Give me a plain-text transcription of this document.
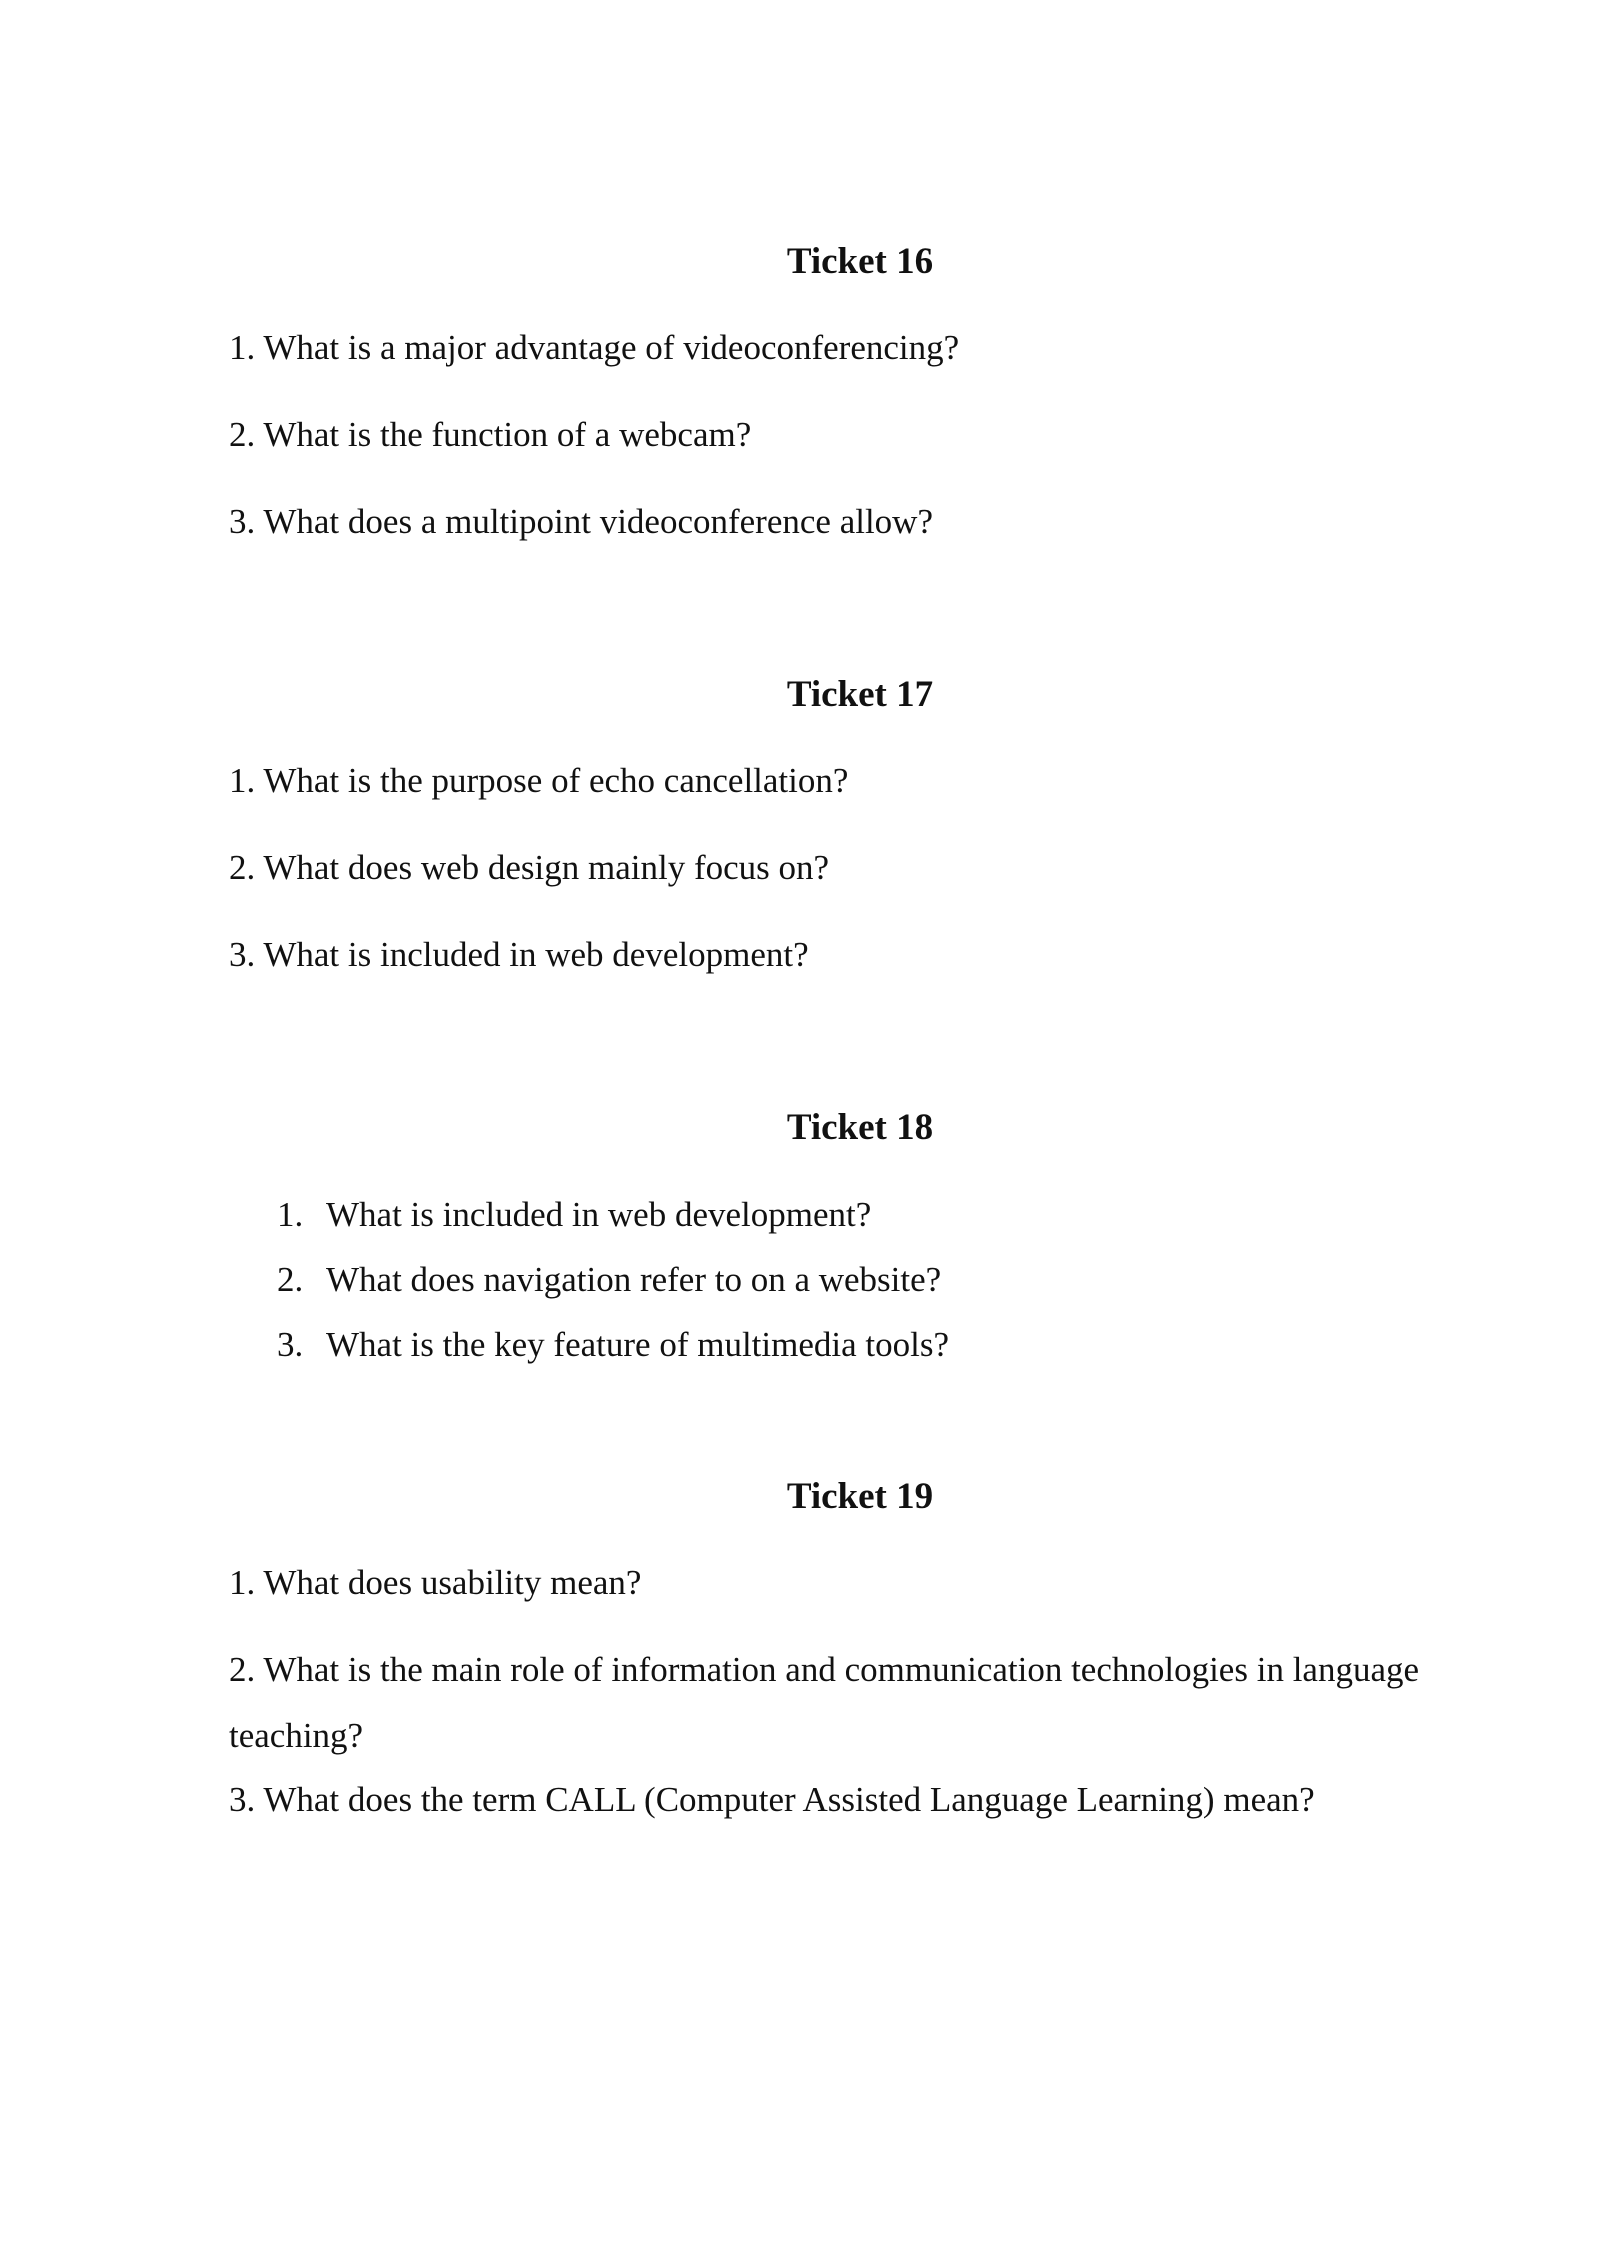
Ticket 16

1. What is a major advantage of videoconferencing?

2. What is the function of a webcam?

3. What does a multipoint videoconference allow?

Ticket 17

1. What is the purpose of echo cancellation?

2. What does web design mainly focus on?

3. What is included in web development?

Ticket 18
1. What is included in web development?
2. What does navigation refer to on a website?
3. What is the key feature of multimedia tools?
Ticket 19

1. What does usability mean?

2. What is the main role of information and communication technologies in language teaching?

3. What does the term CALL (Computer Assisted Language Learning) mean?
